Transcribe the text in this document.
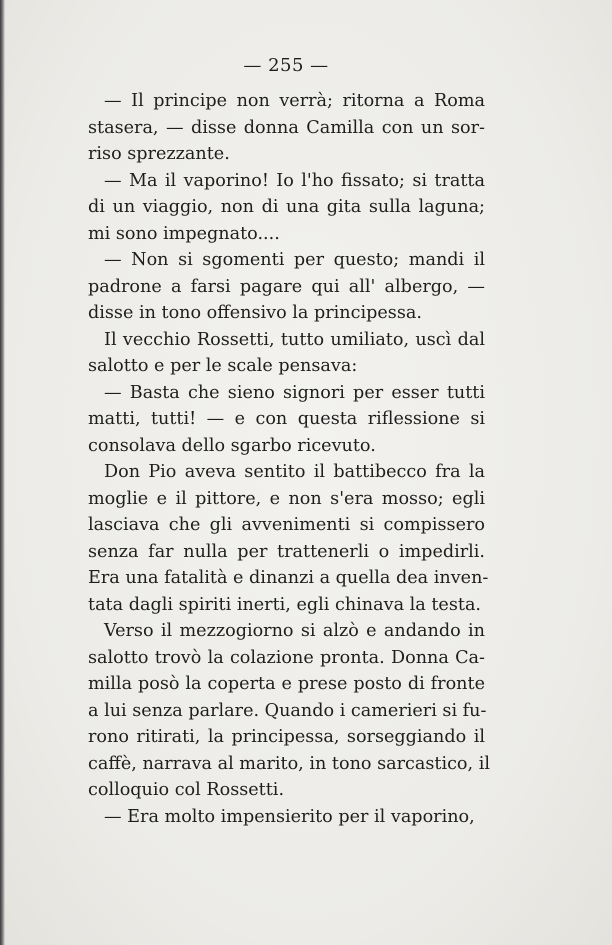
— 255 —

— Il principe non verrà; ritorna a Roma

stasera, — disse donna Camilla con un sor-

riso sprezzante.

— Ma il vaporino! Io l'ho fissato; si tratta

di un viaggio, non di una gita sulla laguna;

mi sono impegnato....

— Non si sgomenti per questo; mandi il

padrone a farsi pagare qui all' albergo, —

disse in tono offensivo la principessa.

Il vecchio Rossetti, tutto umiliato, uscì dal

salotto e per le scale pensava:

— Basta che sieno signori per esser tutti

matti, tutti! — e con questa riflessione si

consolava dello sgarbo ricevuto.

Don Pio aveva sentito il battibecco fra la

moglie e il pittore, e non s'era mosso; egli

lasciava che gli avvenimenti si compissero

senza far nulla per trattenerli o impedirli.

Era una fatalità e dinanzi a quella dea inven-

tata dagli spiriti inerti, egli chinava la testa.

Verso il mezzogiorno si alzò e andando in

salotto trovò la colazione pronta. Donna Ca-

milla posò la coperta e prese posto di fronte

a lui senza parlare. Quando i camerieri si fu-

rono ritirati, la principessa, sorseggiando il

caffè, narrava al marito, in tono sarcastico, il

colloquio col Rossetti.

— Era molto impensierito per il vaporino,
